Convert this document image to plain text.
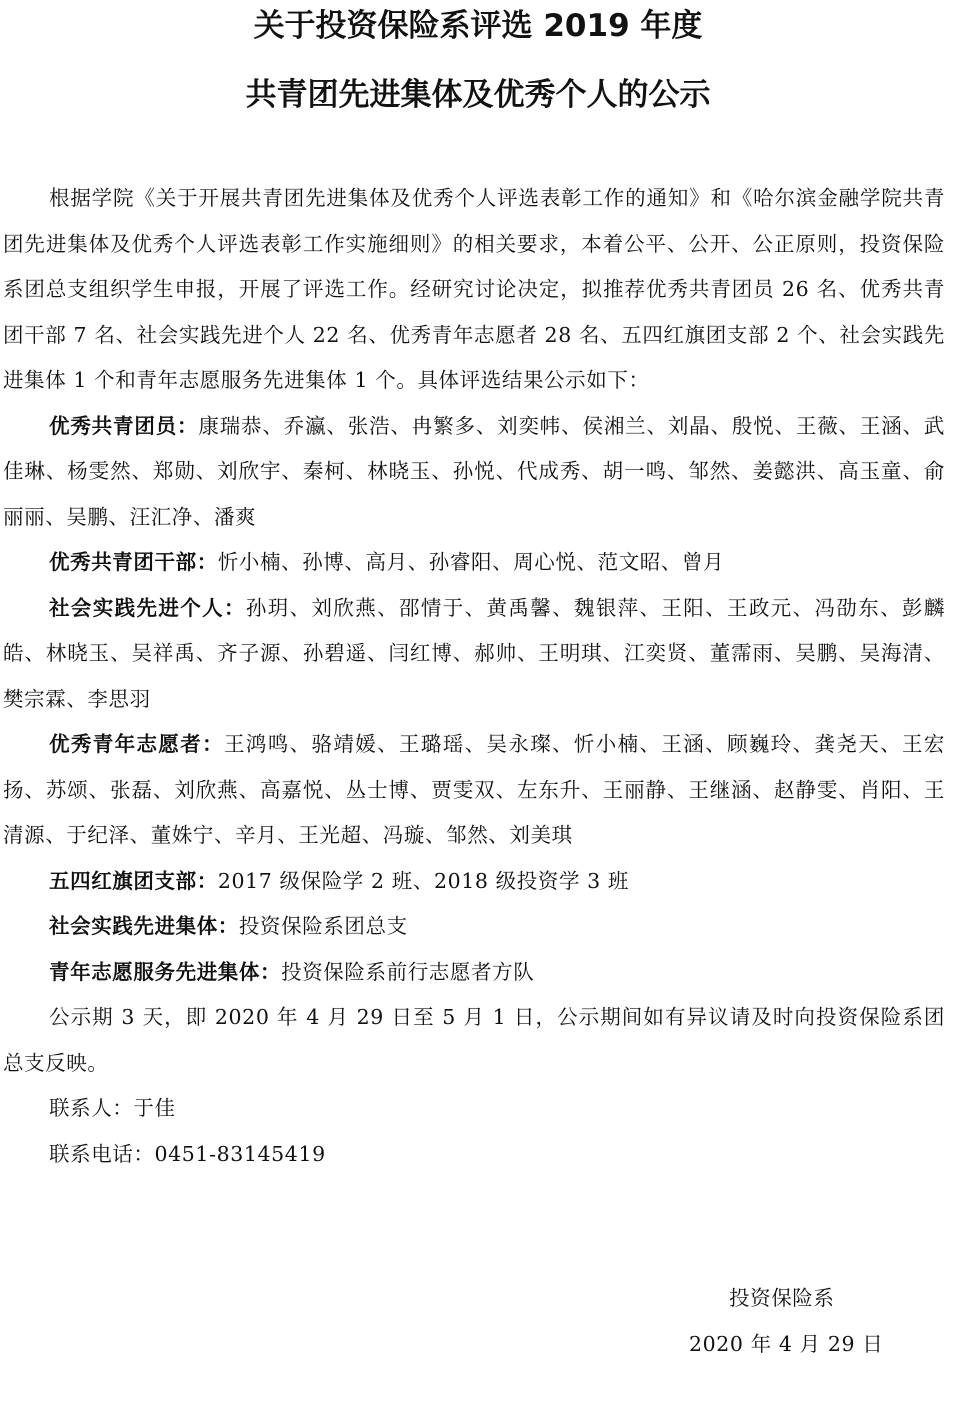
关于投资保险系评选 2019 年度
共青团先进集体及优秀个人的公示

根据学院《关于开展共青团先进集体及优秀个人评选表彰工作的通知》和《哈尔滨金融学院共青团先进集体及优秀个人评选表彰工作实施细则》的相关要求，本着公平、公开、公正原则，投资保险系团总支组织学生申报，开展了评选工作。经研究讨论决定，拟推荐优秀共青团员 26 名、优秀共青团干部 7 名、社会实践先进个人 22 名、优秀青年志愿者 28 名、五四红旗团支部 2 个、社会实践先进集体 1 个和青年志愿服务先进集体 1 个。具体评选结果公示如下：

优秀共青团员：康瑞恭、乔瀛、张浩、冉繁多、刘奕帏、侯湘兰、刘晶、殷悦、王薇、王涵、武佳琳、杨雯然、郑勋、刘欣宇、秦柯、林晓玉、孙悦、代成秀、胡一鸣、邹然、姜懿洪、高玉童、俞丽丽、吴鹏、汪汇净、潘爽

优秀共青团干部：忻小楠、孙博、高月、孙睿阳、周心悦、范文昭、曾月

社会实践先进个人：孙玥、刘欣燕、邵情于、黄禹馨、魏银萍、王阳、王政元、冯劭东、彭麟皓、林晓玉、吴祥禹、齐子源、孙碧遥、闫红博、郝帅、王明琪、江奕贤、董霈雨、吴鹏、吴海清、樊宗霖、李思羽

优秀青年志愿者：王鸿鸣、骆靖媛、王璐瑶、吴永璨、忻小楠、王涵、顾巍玲、龚尧天、王宏扬、苏颂、张磊、刘欣燕、高嘉悦、丛士博、贾雯双、左东升、王丽静、王继涵、赵静雯、肖阳、王清源、于纪泽、董姝宁、辛月、王光超、冯璇、邹然、刘美琪

五四红旗团支部：2017 级保险学 2 班、2018 级投资学 3 班

社会实践先进集体：投资保险系团总支

青年志愿服务先进集体：投资保险系前行志愿者方队

公示期 3 天，即 2020 年 4 月 29 日至 5 月 1 日，公示期间如有异议请及时向投资保险系团总支反映。

联系人：于佳

联系电话：0451-83145419

投资保险系
2020 年 4 月 29 日
